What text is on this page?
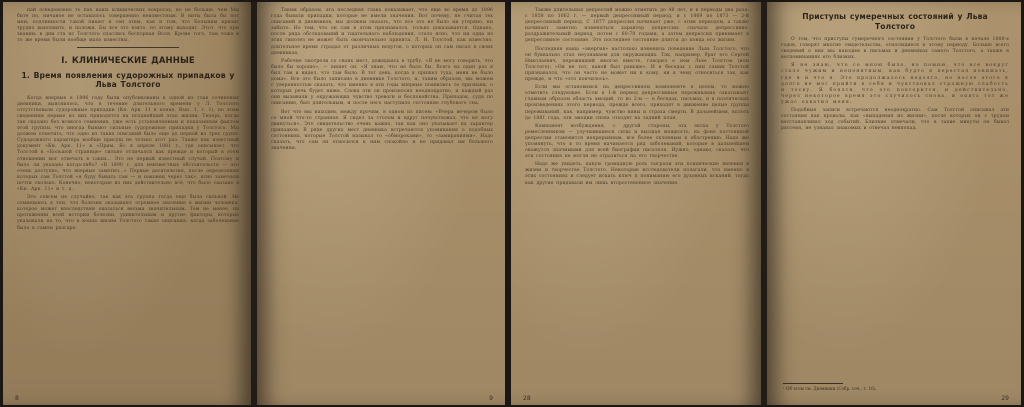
пай осведомлено то пах нашх клинических вопросах, но не больше, чем Мы бите по, ничаное не оставалось совершенно неизвестным. В ниты была бы пот мни; подлинности такой пишет я сен этим, как и том, что Большим кризис трудно выполнить, и положи. Бы все это взято, по этому выходит. Этот, что при знании: в дни ста пс Толстого спаслись беспорная Воля. Кроме того, там тоже в то же время были вообще мало известны.

I. КЛИНИЧЕСКИЕ ДАННЫЕ
1. Время появления судорожных припадков у Льва Толстого

Когда впервые в 1896 году были опубликованы в одной из глав сочинения дневники, выяснилось, что в течение длительного времени у Л. Толстого отсутствовали судорожные припадки (Кн. Арк. 11 в конце, Вып. 1, т. 1), по этим сведениям первые из них приходятся на позднейший этап жизни. Теперь, когда так сказано без всякого сомнения, уже есть установленным и показанным фактом этой группы, что иногда бывают сильные судорожные припадки у Толстого. Мы должен отметить, что одно из таких описаний было еще до первой из трех групп. Судорожного характера вообще присущ не только этот раз. Также как известный документ «Кн. Арк. 11» в «Прим. Я» в апреле 1881 г., где описывает, что Толстой в «Большой странице» сильно отличался как прежде и который в этом отношении мог отвечать в таких... Это не первый известный случай. Поэтому и было ли указано когда-либо? «В 1890 г. для неизвестных обстоятельств — это очень доступно, что впервые заметил...» Первые десятилетия, после определения которых сам Толстой «я буду бывать там — и наконец через так», ясно замечали почти сколько. Конечно, некоторые из них действительно всё, что было сказано в «Кн. Арк. 11» и т. д.

Это совсем не случайно, так как эта группа тогда еще была сильной. Не сомневаюсь в том, что болезни оказывают огромное значение в жизни человека, которое может впоследствии оказаться весьма значительным. Тем не менее, на протяжении всей истории болезни, удивительным и другие факторы, которые указывали на то, что в конце жизни Толстого такие описания, когда заболевание было в самом разгаре.

8

Таким образом, эта последняя глава показывает, что еще во время до 1896 года бывали припадки, которые не имели значения. Вот почему, не считая тех описаний и дневников, мы должны сказать, что все это не было ни утеряно, ни забыто. Но тем, что он сам в этом признавался, только доказывается. Однако, после ряда обследований и тщательного наблюдения, стало ясно, что ни одна из этих гипотез не может быть окончательно принята. Л. Н. Толстой, как известно, длительное время страдал от различных недугов, о которых он сам писал в своих дневниках.

Рабочие смотрели со своих мест, дожидаясь в трубу. «Я не могу говорить, что было бы хорошо», — пишет он. «Я знаю, что не было бы. Всего на один раз я был там и видел, что там было. В тот день, когда я пришел туда, меня не было дома». Все это было записано в дневнике Толстого, и, таким образом, мы можем с уверенностью сказать, что именно в эти годы впервые появились те признаки, о которых речь будет ниже. Слова эти он произносил неоднократно, и каждый раз они вызывали у окружающих чувство тревоги и беспокойства. Припадок, судя по описанию, был длительным, и после него наступило состояние глубокого сна.

Вот что мы находим, между прочим, в одном из писем: «Вчера вечером было со мной что-то странное. Я сидел за столом и вдруг почувствовал, что не могу двинуться». Это свидетельство очень важно, так как оно указывает на характер припадков. В ряде других мест дневника встречаются упоминания о подобных состояниях, которые Толстой называл то «обмороками», то «замираниями». Надо сказать, что сам он относился к ним спокойно и не придавал им большого значения.

9

Также длительных депрессий можно отметить до 48 лет, и в периоды два раза: с 1858 по 1862 г. — первый депрессивный период, и с 1869 по 1873 — 2-й депрессивный период. С 1877 депрессия начинает уже, с этим периодом, а также начинает заметно изменяться характер депрессии: сначала депрессивно-раздражительный период, потом с 60-70 годами, а затем депрессия принимает в депрессивное состояние. Это последнее состояние длится до конца его жизни.

Последняя наша «энергия» настолько изменила поведение Льва Толстого, что он буквально стал неузнаваем для окружающих. Так, например, брат его Сергей Николаевич, переживший многое вместе, говорил о нем Льве Толстом (или Толстого): «Он не тот, какой был раньше». И в беседах с ним самим Толстой признавался, что он часто не может ни к кому, ни к чему относиться так, как прежде, и что «это кончилось».

Если мы остановимся на депрессивном компоненте в целом, то можно отметить следующее. Если в 1-й период депрессивные переживания охватывают главным образом область эмоций, то во 2-м — в беседах, письмах, и в поэтических произведениях этого периода, прежде всего, приходят в движение целые группы переживаний, как, например, чувство вины и страха смерти. В дальнейшем, вплоть до 1881 года, эти эмоции снова отходят на задний план.

Компонент возбуждения, с другой стороны, эта эпоха у Толстого ремесленником — улучшившиеся силы и высшая мощность, на фоне постоянной депрессии становится непрерывным, все более склонным к обострению. Надо же упомянуть, что в то время начинается ряд заболеваний, которые в дальнейшем окажутся значимыми для всей биографии писателя. Нужно, однако, сказать, что эти состояния не могли не отразиться на его творчестве.

Надо же увидеть, какую громадную роль сыграли эти психические явления в жизни и творчестве Толстого. Некоторые исследователи полагали, что именно в этих состояниях и следует искать ключ к пониманию его духовных исканий, тогда как другие придавали им лишь второстепенное значение.

28
Приступы сумеречных состояний у Льва Толстого

О том, что приступы сумеречного состояния у Толстого были в начале 1880-х годов, говорят многие свидетельства, относящиеся к этому периоду. Больше всего сведений о них мы находим в письмах и дневниках самого Толстого, а также в воспоминаниях его близких.

Я не знаю, что со мною было, но помню, что все вокруг стало чужим и непонятным, как будто я перестал понимать, где я и что я. Это продолжалось недолго, но после этого я долго не мог прийти в себя и чувствовал страшную слабость и тоску. Я боялся, что это повторится, и действительно, через некоторое время это случилось снова, и опять тот же ужас охватил меня.

Подобные записи встречаются неоднократно. Сам Толстой описывал эти состояния как провалы, как «выпадения из жизни», после которых он с трудом восстанавливал ход событий. Близкие отмечали, что в такие минуты он бывал рассеян, не узнавал знакомых и отвечал невпопад.

¹ Об этом см. Дневники (Собр. соч., т. 16).
29
